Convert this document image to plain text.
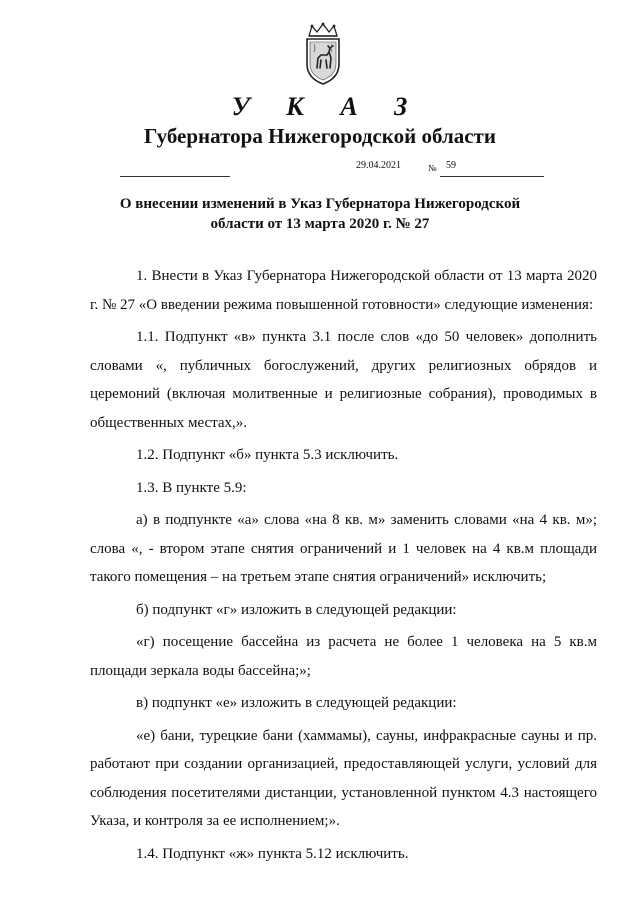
У К А З
Губернатора Нижегородской области
29.04.2021	№ 59
О внесении изменений в Указ Губернатора Нижегородской области от 13 марта 2020 г. № 27

1. Внести в Указ Губернатора Нижегородской области от 13 марта 2020 г. № 27 «О введении режима повышенной готовности» следующие изменения:

1.1. Подпункт «в» пункта 3.1 после слов «до 50 человек» дополнить словами «, публичных богослужений, других религиозных обрядов и церемоний (включая молитвенные и религиозные собрания), проводимых в общественных местах,».

1.2. Подпункт «б» пункта 5.3 исключить.

1.3. В пункте 5.9:

а) в подпункте «а» слова «на 8 кв. м» заменить словами «на 4 кв. м»; слова «, - втором этапе снятия ограничений и 1 человек на 4 кв.м площади такого помещения – на третьем этапе снятия ограничений» исключить;

б) подпункт «г» изложить в следующей редакции:

«г) посещение бассейна из расчета не более 1 человека на 5 кв.м площади зеркала воды бассейна;»;

в) подпункт «е» изложить в следующей редакции:

«е) бани, турецкие бани (хаммамы), сауны, инфракрасные сауны и пр. работают при создании организацией, предоставляющей услуги, условий для соблюдения посетителями дистанции, установленной пунктом 4.3 настоящего Указа, и контроля за ее исполнением;».

1.4. Подпункт «ж» пункта 5.12 исключить.
